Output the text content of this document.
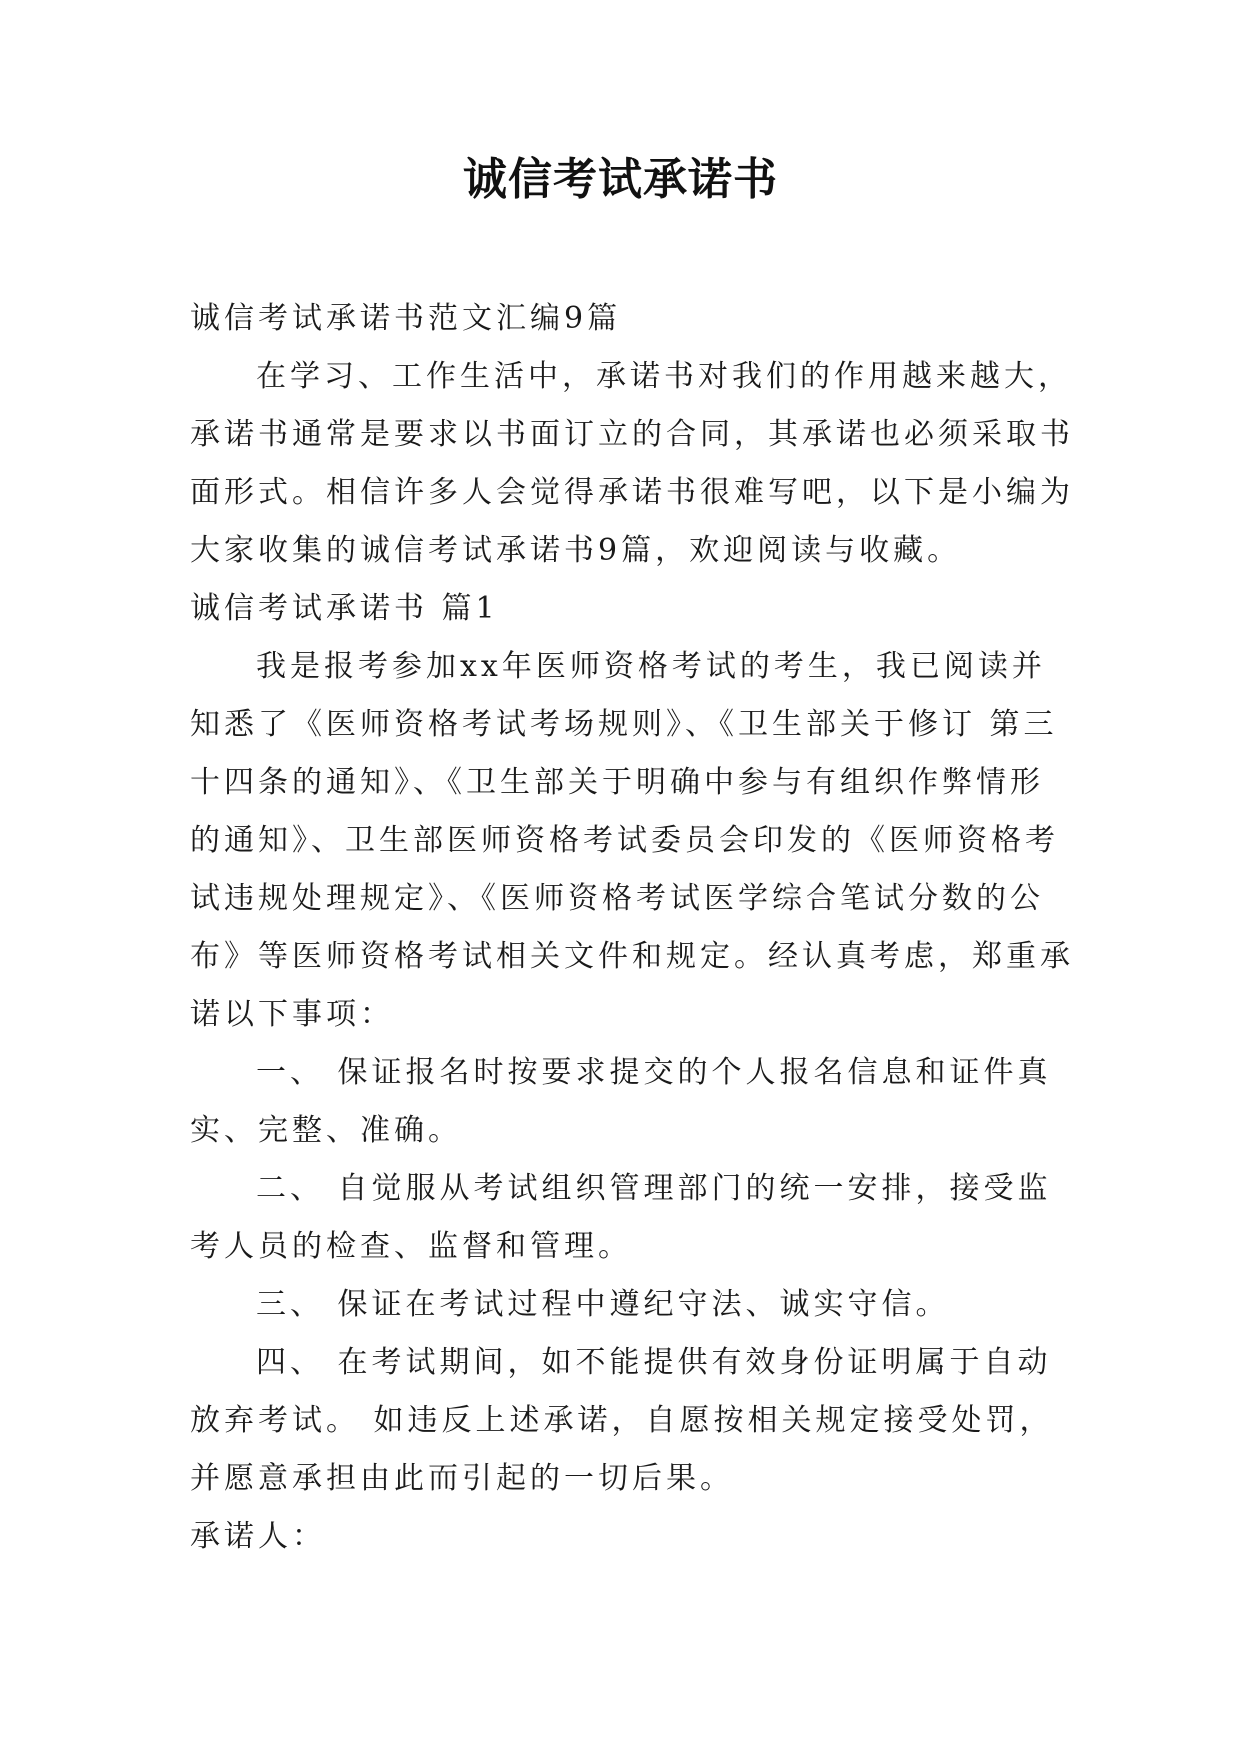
诚信考试承诺书
诚信考试承诺书范文汇编9篇
在学习、工作生活中，承诺书对我们的作用越来越大，
承诺书通常是要求以书面订立的合同，其承诺也必须采取书
面形式。相信许多人会觉得承诺书很难写吧，以下是小编为
大家收集的诚信考试承诺书9篇，欢迎阅读与收藏。
诚信考试承诺书 篇1
我是报考参加xx年医师资格考试的考生，我已阅读并
知悉了《医师资格考试考场规则》、《卫生部关于修订 第三
十四条的通知》、《卫生部关于明确中参与有组织作弊情形
的通知》、卫生部医师资格考试委员会印发的《医师资格考
试违规处理规定》、《医师资格考试医学综合笔试分数的公
布》等医师资格考试相关文件和规定。经认真考虑，郑重承
诺以下事项：
一、 保证报名时按要求提交的个人报名信息和证件真
实、完整、准确。
二、 自觉服从考试组织管理部门的统一安排，接受监
考人员的检查、监督和管理。
三、 保证在考试过程中遵纪守法、诚实守信。
四、 在考试期间，如不能提供有效身份证明属于自动
放弃考试。 如违反上述承诺，自愿按相关规定接受处罚，
并愿意承担由此而引起的一切后果。
承诺人：
